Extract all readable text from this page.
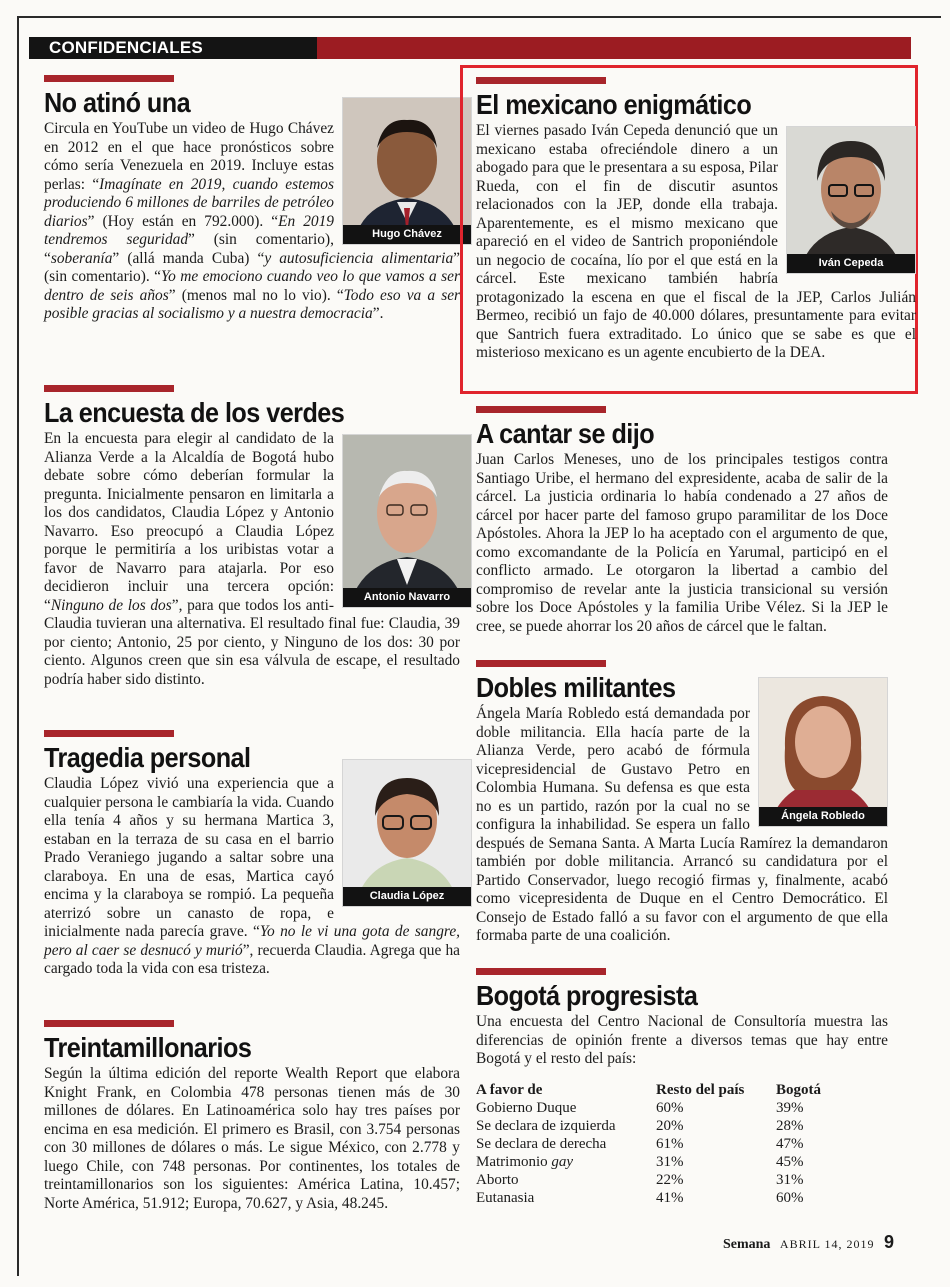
CONFIDENCIALES
No atinó una
Hugo Chávez

Circula en YouTube un video de Hugo Chávez en 2012 en el que hace pronósticos sobre cómo sería Venezuela en 2019. Incluye estas perlas: “Imagínate en 2019, cuando estemos produciendo 6 millones de barriles de petróleo diarios” (Hoy están en 792.000). “En 2019 tendremos seguridad” (sin comentario), “soberanía” (allá manda Cuba) “y autosuficiencia alimentaria” (sin comentario). “Yo me emociono cuando veo lo que vamos a ser dentro de seis años” (menos mal no lo vio). “Todo eso va a ser posible gracias al socialismo y a nuestra democracia”.

La encuesta de los verdes
Antonio Navarro

En la encuesta para elegir al candidato de la Alianza Verde a la Alcaldía de Bogotá hubo debate sobre cómo deberían formular la pregunta. Inicialmente pensaron en limitarla a los dos candidatos, Claudia López y Antonio Navarro. Eso preocupó a Claudia López porque le permitiría a los uribistas votar a favor de Navarro para atajarla. Por eso decidieron incluir una tercera opción: “Ninguno de los dos”, para que todos los anti-Claudia tuvieran una alternativa. El resultado final fue: Claudia, 39 por ciento; Antonio, 25 por ciento, y Ninguno de los dos: 30 por ciento. Algunos creen que sin esa válvula de escape, el resultado podría haber sido distinto.

Tragedia personal
Claudia López

Claudia López vivió una experiencia que a cualquier persona le cambiaría la vida. Cuando ella tenía 4 años y su hermana Martica 3, estaban en la terraza de su casa en el barrio Prado Veraniego jugando a saltar sobre una claraboya. En una de esas, Martica cayó encima y la claraboya se rompió. La pequeña aterrizó sobre un canasto de ropa, e inicialmente nada parecía grave. “Yo no le vi una gota de sangre, pero al caer se desnucó y murió”, recuerda Claudia. Agrega que ha cargado toda la vida con esa tristeza.

Treintamillonarios

Según la última edición del reporte Wealth Report que elabora Knight Frank, en Colombia 478 personas tienen más de 30 millones de dólares. En Latinoamérica solo hay tres países por encima en esa medición. El primero es Brasil, con 3.754 personas con 30 millones de dólares o más. Le sigue México, con 2.778 y luego Chile, con 748 personas. Por continentes, los totales de treintamillonarios son los siguientes: América Latina, 10.457; Norte América, 51.912; Europa, 70.627, y Asia, 48.245.

El mexicano enigmático
Iván Cepeda

El viernes pasado Iván Cepeda denunció que un mexicano estaba ofreciéndole dinero a un abogado para que le presentara a su esposa, Pilar Rueda, con el fin de discutir asuntos relacionados con la JEP, donde ella trabaja. Aparentemente, es el mismo mexicano que apareció en el video de Santrich proponiéndole un negocio de cocaína, lío por el que está en la cárcel. Este mexicano también habría protagonizado la escena en que el fiscal de la JEP, Carlos Julián Bermeo, recibió un fajo de 40.000 dólares, presuntamente para evitar que Santrich fuera extraditado. Lo único que se sabe es que el misterioso mexicano es un agente encubierto de la DEA.

A cantar se dijo

Juan Carlos Meneses, uno de los principales testigos contra Santiago Uribe, el hermano del expresidente, acaba de salir de la cárcel. La justicia ordinaria lo había condenado a 27 años de cárcel por hacer parte del famoso grupo paramilitar de los Doce Apóstoles. Ahora la JEP lo ha aceptado con el argumento de que, como excomandante de la Policía en Yarumal, participó en el conflicto armado. Le otorgaron la libertad a cambio del compromiso de revelar ante la justicia transicional su versión sobre los Doce Apóstoles y la familia Uribe Vélez. Si la JEP le cree, se puede ahorrar los 20 años de cárcel que le faltan.

Dobles militantes
Ángela Robledo

Ángela María Robledo está demandada por doble militancia. Ella hacía parte de la Alianza Verde, pero acabó de fórmula vicepresidencial de Gustavo Petro en Colombia Humana. Su defensa es que esta no es un partido, razón por la cual no se configura la inhabilidad. Se espera un fallo después de Semana Santa. A Marta Lucía Ramírez la demandaron también por doble militancia. Arrancó su candidatura por el Partido Conservador, luego recogió firmas y, finalmente, acabó como vicepresidenta de Duque en el Centro Democrático. El Consejo de Estado falló a su favor con el argumento de que ella formaba parte de una coalición.

Bogotá progresista

Una encuesta del Centro Nacional de Consultoría muestra las diferencias de opinión frente a diversos temas que hay entre Bogotá y el resto del país:

A favor de	Resto del país	Bogotá
Gobierno Duque	60%	39%
Se declara de izquierda	20%	28%
Se declara de derecha	61%	47%
Matrimonio gay	31%	45%
Aborto	22%	31%
Eutanasia	41%	60%
Semana ABRIL 14, 2019 9
